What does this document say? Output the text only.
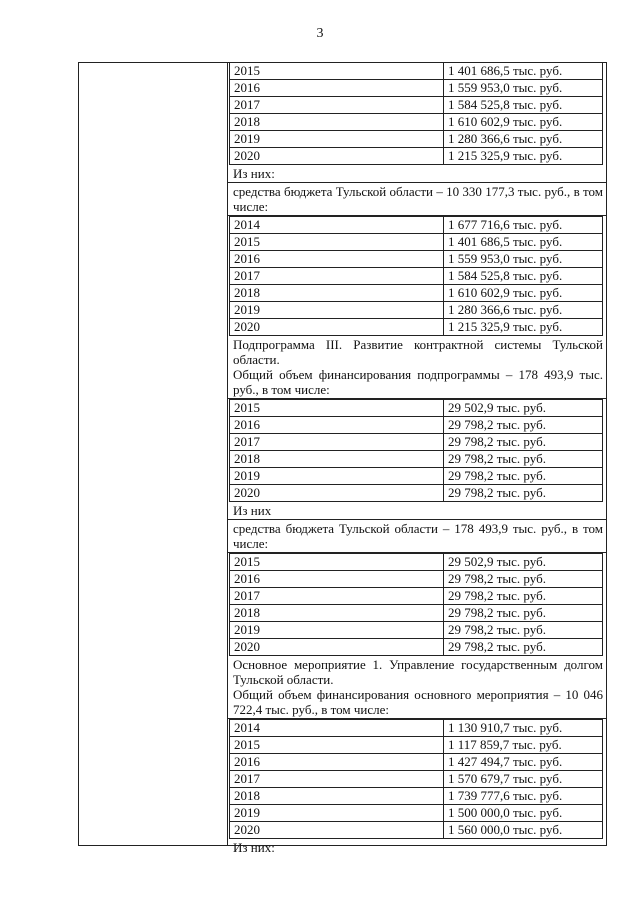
3
2015	1 401 686,5 тыс. руб.
2016	1 559 953,0 тыс. руб.
2017	1 584 525,8 тыс. руб.
2018	1 610 602,9 тыс. руб.
2019	1 280 366,6 тыс. руб.
2020	1 215 325,9 тыс. руб.

Из них:

средства бюджета Тульской области – 10 330 177,3 тыс. руб., в том числе:

2014	1 677 716,6 тыс. руб.
2015	1 401 686,5 тыс. руб.
2016	1 559 953,0 тыс. руб.
2017	1 584 525,8 тыс. руб.
2018	1 610 602,9 тыс. руб.
2019	1 280 366,6 тыс. руб.
2020	1 215 325,9 тыс. руб.

Подпрограмма III. Развитие контрактной системы Тульской области.

Общий объем финансирования подпрограммы – 178 493,9 тыс. руб., в том числе:

2015	29 502,9 тыс. руб.
2016	29 798,2 тыс. руб.
2017	29 798,2 тыс. руб.
2018	29 798,2 тыс. руб.
2019	29 798,2 тыс. руб.
2020	29 798,2 тыс. руб.

Из них

средства бюджета Тульской области – 178 493,9 тыс. руб., в том числе:

2015	29 502,9 тыс. руб.
2016	29 798,2 тыс. руб.
2017	29 798,2 тыс. руб.
2018	29 798,2 тыс. руб.
2019	29 798,2 тыс. руб.
2020	29 798,2 тыс. руб.

Основное мероприятие 1. Управление государственным долгом Тульской области.

Общий объем финансирования основного мероприятия – 10 046 722,4 тыс. руб., в том числе:

2014	1 130 910,7 тыс. руб.
2015	1 117 859,7 тыс. руб.
2016	1 427 494,7 тыс. руб.
2017	1 570 679,7 тыс. руб.
2018	1 739 777,6 тыс. руб.
2019	1 500 000,0 тыс. руб.
2020	1 560 000,0 тыс. руб.

Из них:
